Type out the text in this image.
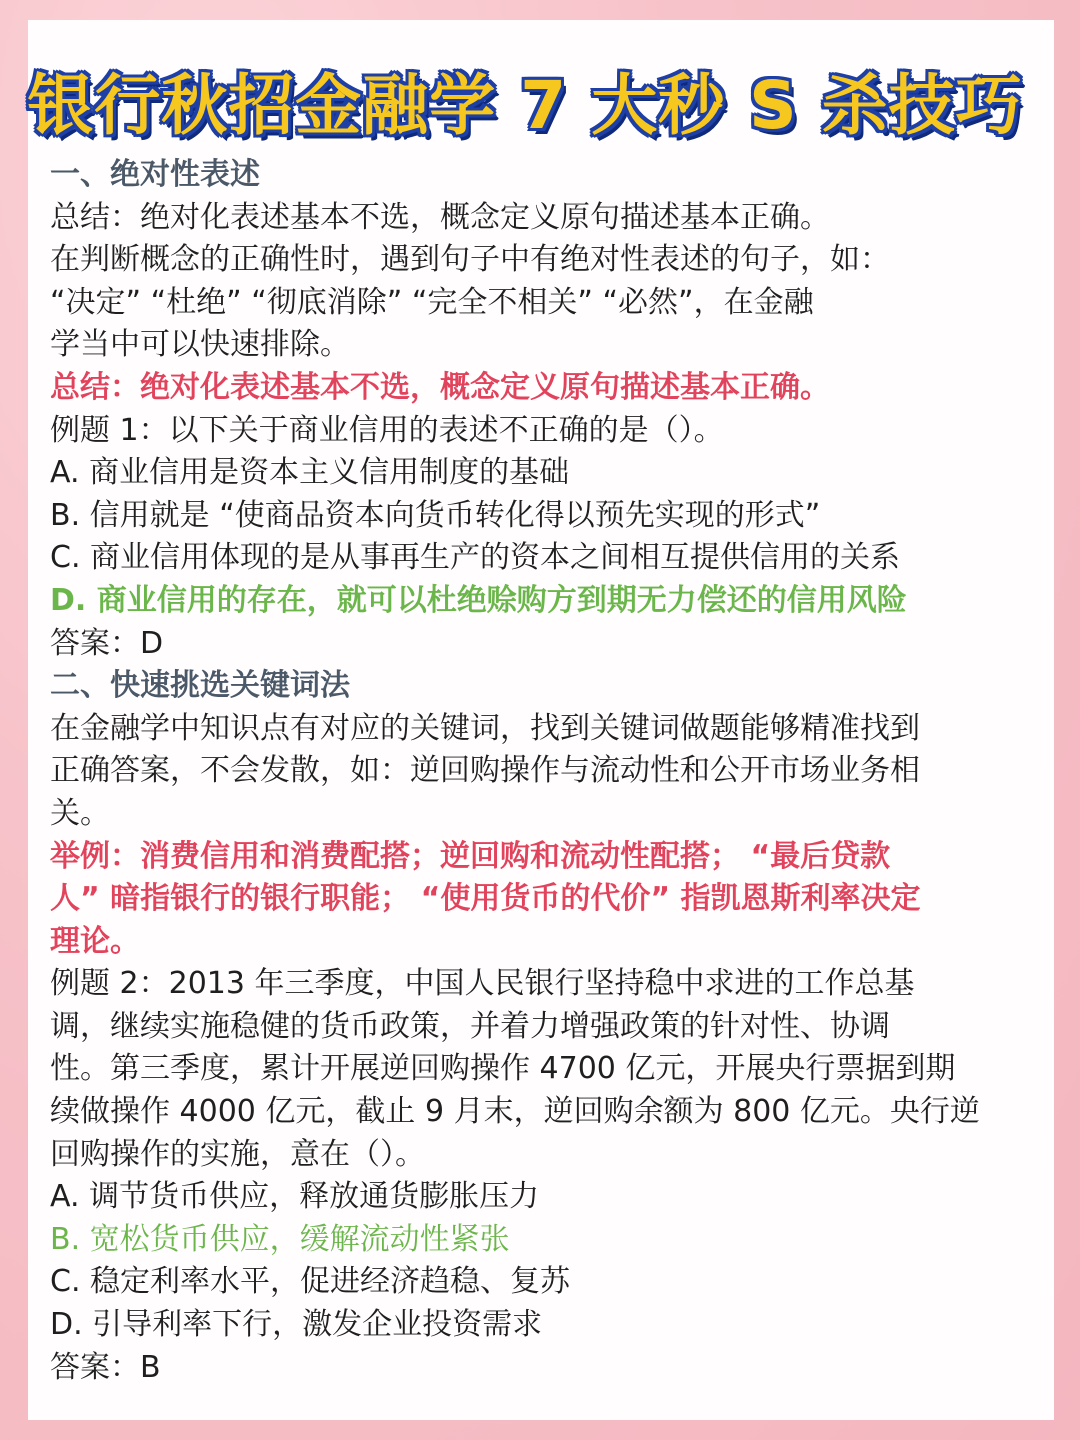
银行秋招金融学 7 大秒 S 杀技巧
一、绝对性表述
总结：绝对化表述基本不选，概念定义原句描述基本正确。
在判断概念的正确性时，遇到句子中有绝对性表述的句子，如：
“决定” “杜绝” “彻底消除” “完全不相关” “必然”，在金融
学当中可以快速排除。
总结：绝对化表述基本不选，概念定义原句描述基本正确。
例题 1：以下关于商业信用的表述不正确的是（）。
A. 商业信用是资本主义信用制度的基础
B. 信用就是 “使商品资本向货币转化得以预先实现的形式”
C. 商业信用体现的是从事再生产的资本之间相互提供信用的关系
D. 商业信用的存在，就可以杜绝赊购方到期无力偿还的信用风险
答案：D
二、快速挑选关键词法
在金融学中知识点有对应的关键词，找到关键词做题能够精准找到
正确答案，不会发散，如：逆回购操作与流动性和公开市场业务相
关。
举例：消费信用和消费配搭；逆回购和流动性配搭； “最后贷款
人” 暗指银行的银行职能； “使用货币的代价” 指凯恩斯利率决定
理论。
例题 2：2013 年三季度，中国人民银行坚持稳中求进的工作总基
调，继续实施稳健的货币政策，并着力增强政策的针对性、协调
性。第三季度，累计开展逆回购操作 4700 亿元，开展央行票据到期
续做操作 4000 亿元，截止 9 月末，逆回购余额为 800 亿元。央行逆
回购操作的实施，意在（）。
A. 调节货币供应，释放通货膨胀压力
B. 宽松货币供应，缓解流动性紧张
C. 稳定利率水平，促进经济趋稳、复苏
D. 引导利率下行，激发企业投资需求
答案：B
